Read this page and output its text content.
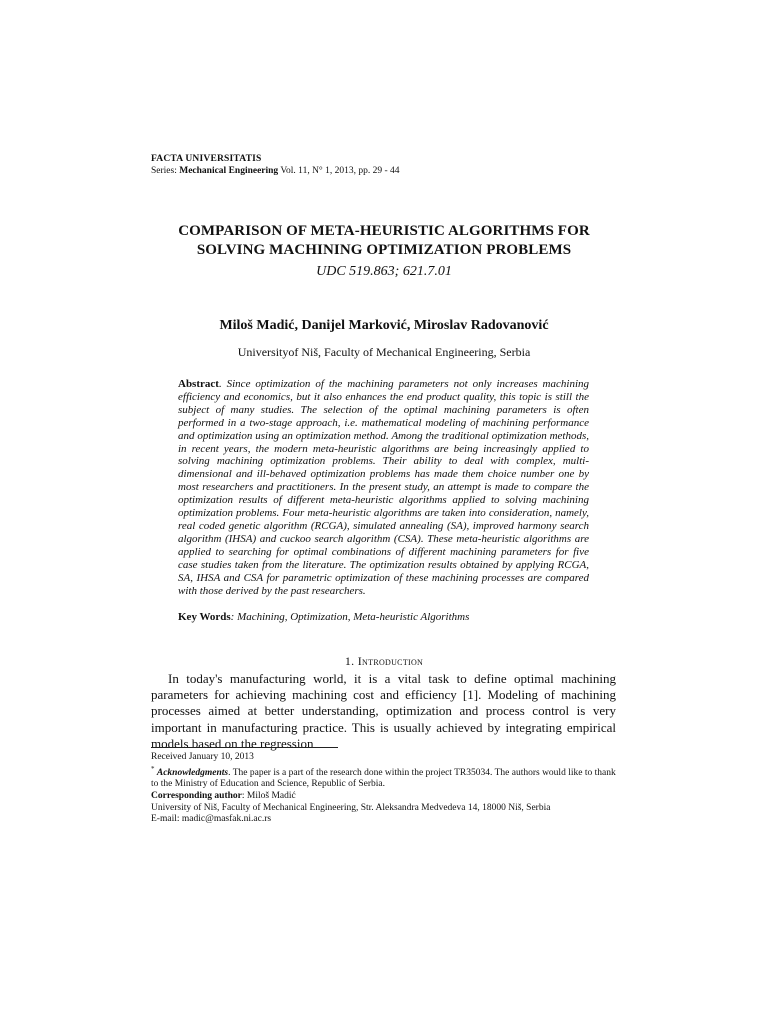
FACTA UNIVERSITATIS
Series: Mechanical Engineering Vol. 11, N° 1, 2013, pp. 29 - 44
COMPARISON OF META-HEURISTIC ALGORITHMS FOR
SOLVING MACHINING OPTIMIZATION PROBLEMS
UDC 519.863; 621.7.01
Miloš Madić, Danijel Marković, Miroslav Radovanović
Universityof Niš, Faculty of Mechanical Engineering, Serbia
Abstract. Since optimization of the machining parameters not only increases machining efficiency and economics, but it also enhances the end product quality, this topic is still the subject of many studies. The selection of the optimal machining parameters is often performed in a two-stage approach, i.e. mathematical modeling of machining performance and optimization using an optimization method. Among the traditional optimization methods, in recent years, the modern meta-heuristic algorithms are being increasingly applied to solving machining optimization problems. Their ability to deal with complex, multi-dimensional and ill-behaved optimization problems has made them choice number one by most researchers and practitioners. In the present study, an attempt is made to compare the optimization results of different meta-heuristic algorithms applied to solving machining optimization problems. Four meta-heuristic algorithms are taken into consideration, namely, real coded genetic algorithm (RCGA), simulated annealing (SA), improved harmony search algorithm (IHSA) and cuckoo search algorithm (CSA). These meta-heuristic algorithms are applied to searching for optimal combinations of different machining parameters for five case studies taken from the literature. The optimization results obtained by applying RCGA, SA, IHSA and CSA for parametric optimization of these machining processes are compared with those derived by the past researchers.
Key Words: Machining, Optimization, Meta-heuristic Algorithms
1. Introduction
In today's manufacturing world, it is a vital task to define optimal machining parameters for achieving machining cost and efficiency [1]. Modeling of machining processes aimed at better understanding, optimization and process control is very important in manufacturing practice. This is usually achieved by integrating empirical models based on the regression
Received January 10, 2013
* Acknowledgments. The paper is a part of the research done within the project TR35034. The authors would like to thank to the Ministry of Education and Science, Republic of Serbia.
Corresponding author: Miloš Madić
University of Niš, Faculty of Mechanical Engineering, Str. Aleksandra Medvedeva 14, 18000 Niš, Serbia
E-mail: madic@masfak.ni.ac.rs
